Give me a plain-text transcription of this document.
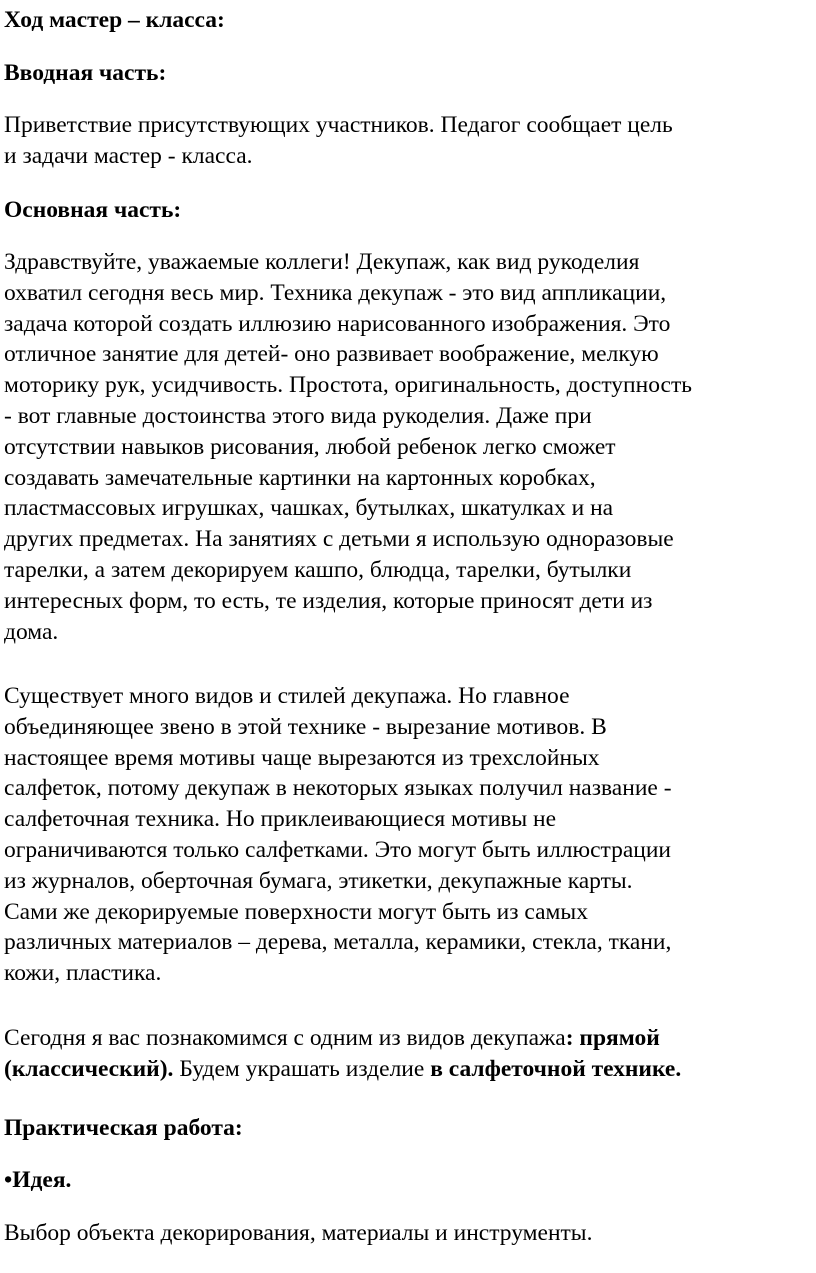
Ход мастер – класса:

Вводная часть:

Приветствие присутствующих участников. Педагог сообщает цель
и задачи мастер - класса.

Основная часть:

Здравствуйте, уважаемые коллеги! Декупаж, как вид рукоделия
охватил сегодня весь мир. Техника декупаж - это вид аппликации,
задача которой создать иллюзию нарисованного изображения. Это
отличное занятие для детей- оно развивает воображение, мелкую
моторику рук, усидчивость. Простота, оригинальность, доступность
- вот главные достоинства этого вида рукоделия. Даже при
отсутствии навыков рисования, любой ребенок легко сможет
создавать замечательные картинки на картонных коробках,
пластмассовых игрушках, чашках, бутылках, шкатулках и на
других предметах. На занятиях с детьми я использую одноразовые
тарелки, а затем декорируем кашпо, блюдца, тарелки, бутылки
интересных форм, то есть, те изделия, которые приносят дети из
дома.

Существует много видов и стилей декупажа. Но главное
объединяющее звено в этой технике - вырезание мотивов. В
настоящее время мотивы чаще вырезаются из трехслойных
салфеток, потому декупаж в некоторых языках получил название -
салфеточная техника. Но приклеивающиеся мотивы не
ограничиваются только салфетками. Это могут быть иллюстрации
из журналов, оберточная бумага, этикетки, декупажные карты.
Сами же декорируемые поверхности могут быть из самых
различных материалов – дерева, металла, керамики, стекла, ткани,
кожи, пластика.

Сегодня я вас познакомимся с одним из видов декупажа: прямой
(классический). Будем украшать изделие в салфеточной технике.

Практическая работа:

•Идея.

Выбор объекта декорирования, материалы и инструменты.
